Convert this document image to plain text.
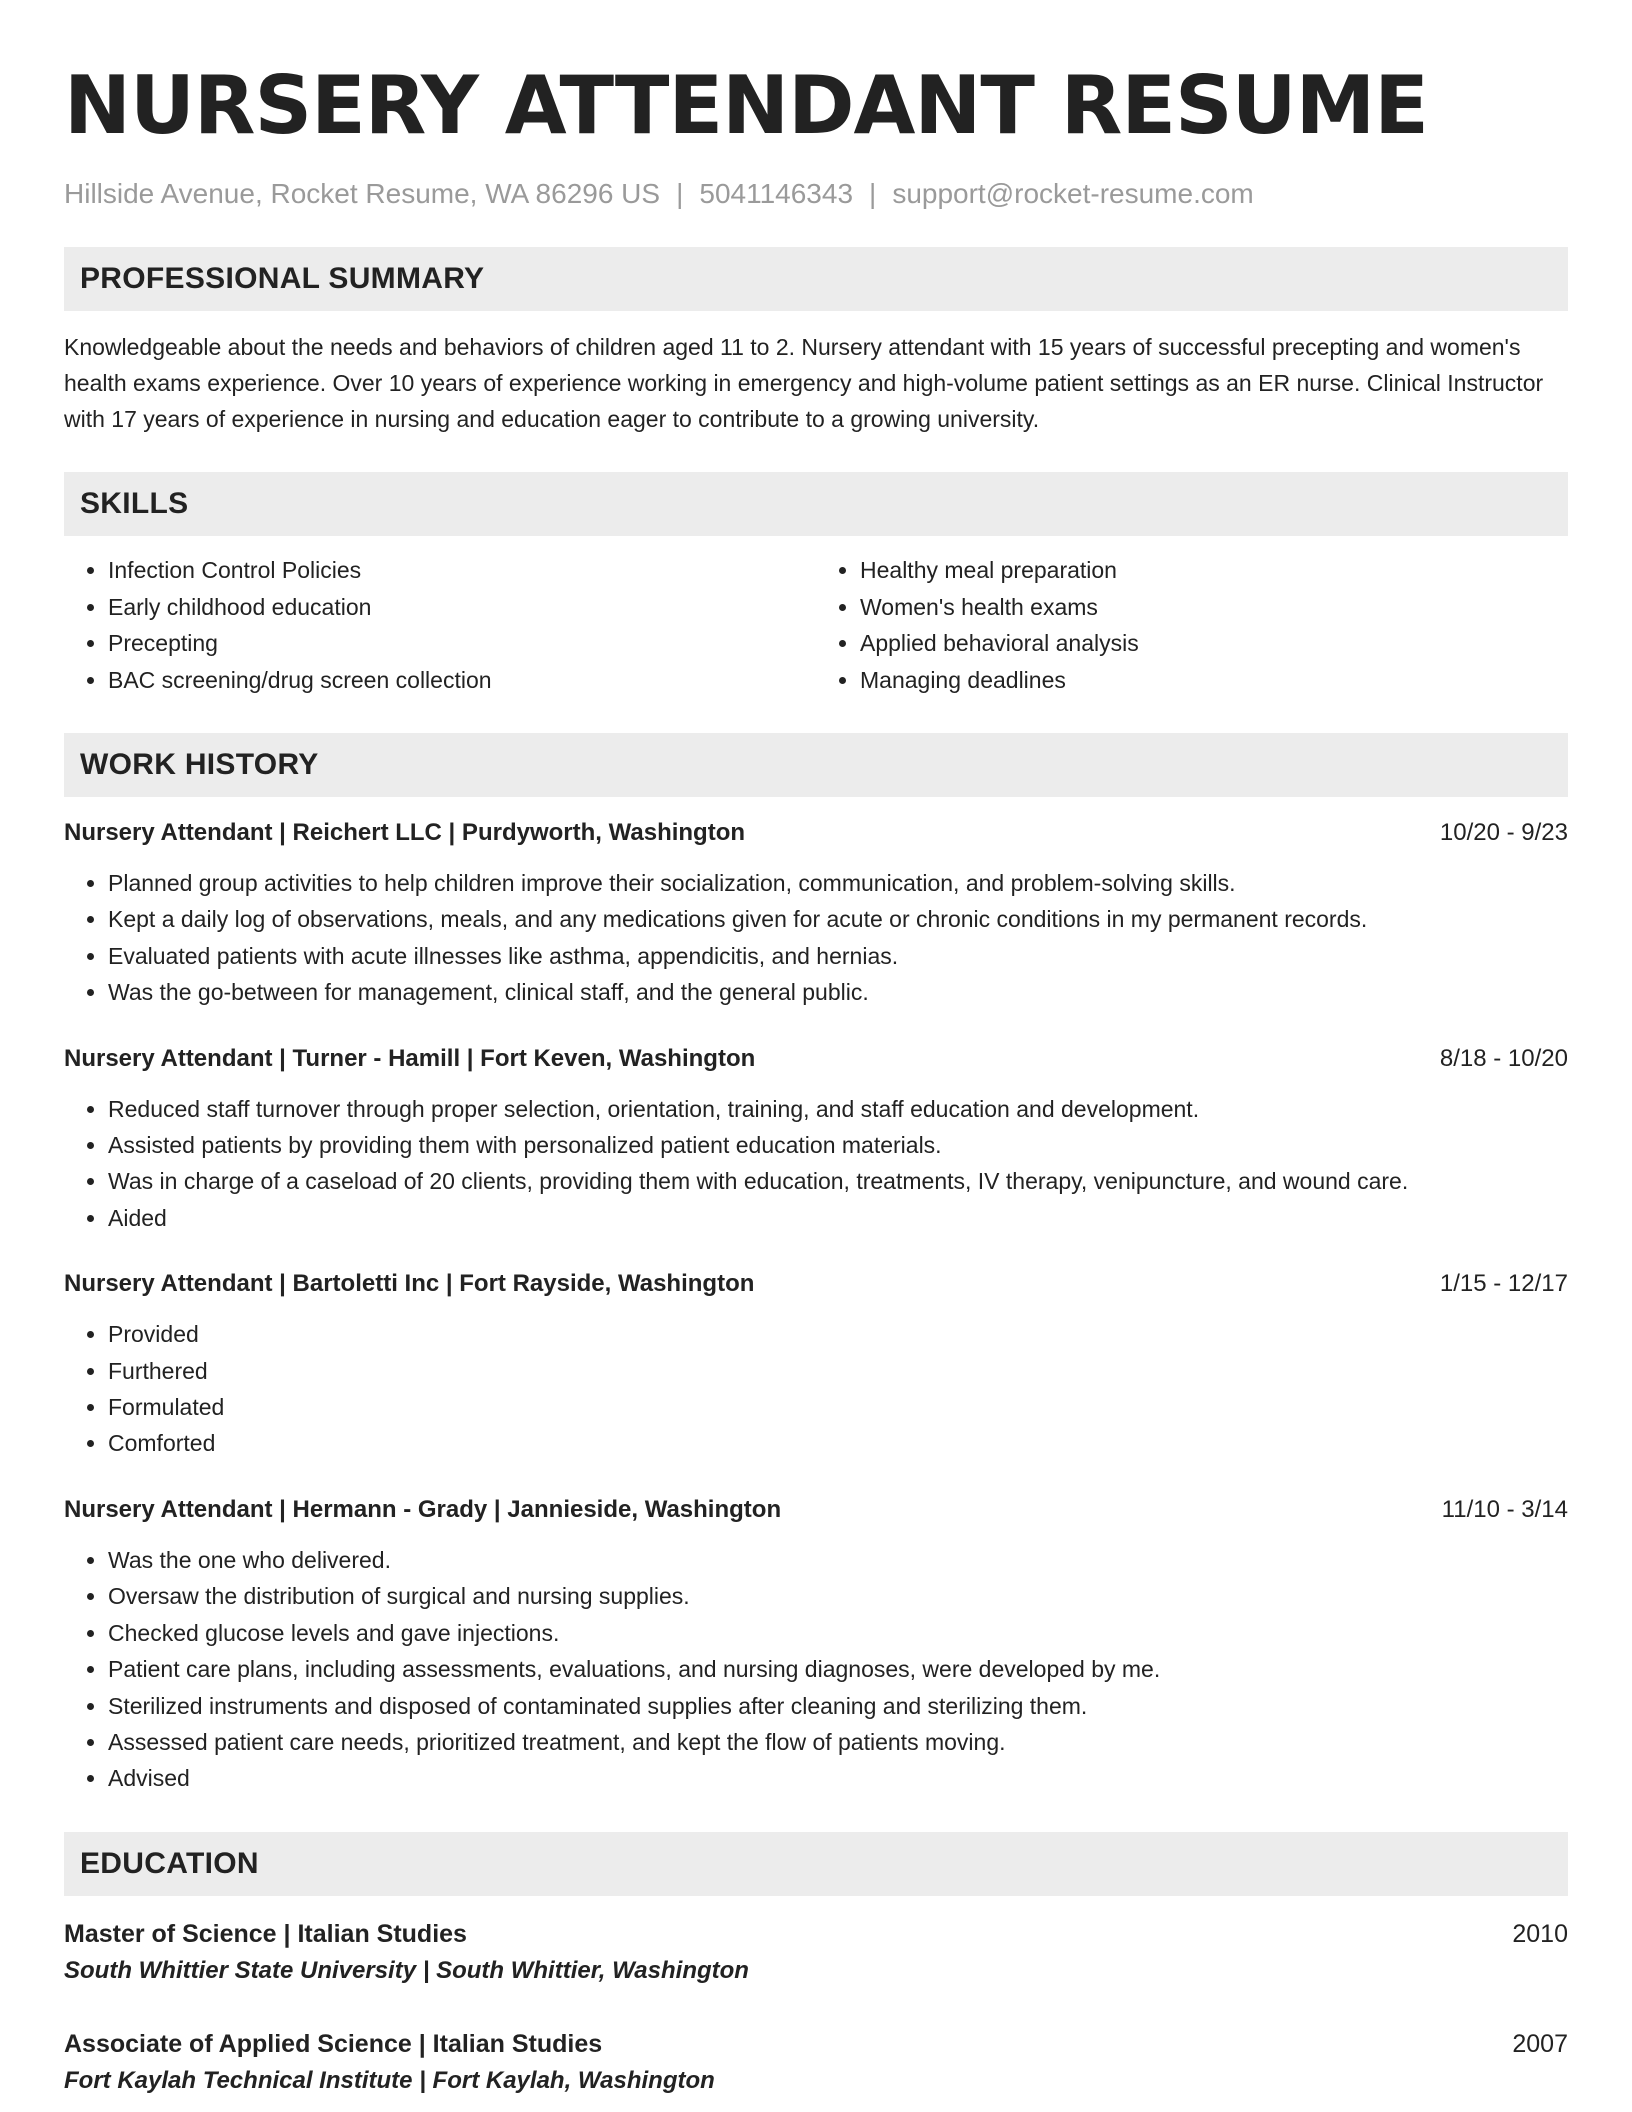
NURSERY ATTENDANT RESUME
Hillside Avenue, Rocket Resume, WA 86296 US | 5041146343 | support@rocket-resume.com
PROFESSIONAL SUMMARY
Knowledgeable about the needs and behaviors of children aged 11 to 2. Nursery attendant with 15 years of successful precepting and women's health exams experience. Over 10 years of experience working in emergency and high-volume patient settings as an ER nurse. Clinical Instructor with 17 years of experience in nursing and education eager to contribute to a growing university.
SKILLS
• Infection Control Policies
• Early childhood education
• Precepting
• BAC screening/drug screen collection
• Healthy meal preparation
• Women's health exams
• Applied behavioral analysis
• Managing deadlines
WORK HISTORY
Nursery Attendant | Reichert LLC | Purdyworth, Washington	10/20 - 9/23
• Planned group activities to help children improve their socialization, communication, and problem-solving skills.
• Kept a daily log of observations, meals, and any medications given for acute or chronic conditions in my permanent records.
• Evaluated patients with acute illnesses like asthma, appendicitis, and hernias.
• Was the go-between for management, clinical staff, and the general public.
Nursery Attendant | Turner - Hamill | Fort Keven, Washington	8/18 - 10/20
• Reduced staff turnover through proper selection, orientation, training, and staff education and development.
• Assisted patients by providing them with personalized patient education materials.
• Was in charge of a caseload of 20 clients, providing them with education, treatments, IV therapy, venipuncture, and wound care.
• Aided
Nursery Attendant | Bartoletti Inc | Fort Rayside, Washington	1/15 - 12/17
• Provided
• Furthered
• Formulated
• Comforted
Nursery Attendant | Hermann - Grady | Jannieside, Washington	11/10 - 3/14
• Was the one who delivered.
• Oversaw the distribution of surgical and nursing supplies.
• Checked glucose levels and gave injections.
• Patient care plans, including assessments, evaluations, and nursing diagnoses, were developed by me.
• Sterilized instruments and disposed of contaminated supplies after cleaning and sterilizing them.
• Assessed patient care needs, prioritized treatment, and kept the flow of patients moving.
• Advised
EDUCATION
Master of Science | Italian Studies	2010
South Whittier State University | South Whittier, Washington
Associate of Applied Science | Italian Studies	2007
Fort Kaylah Technical Institute | Fort Kaylah, Washington
